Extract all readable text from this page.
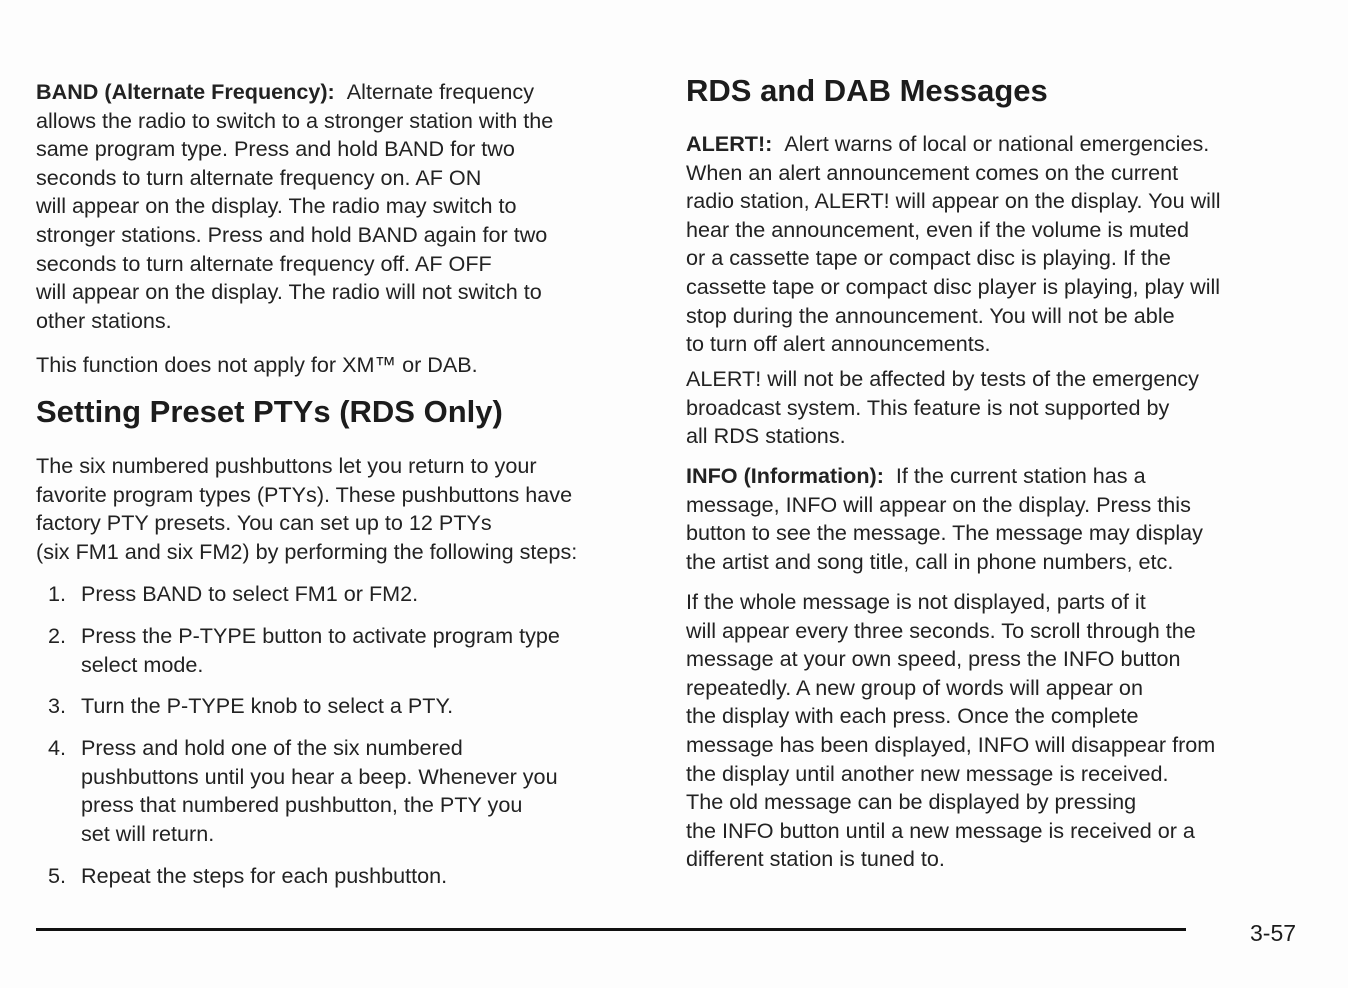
BAND (Alternate Frequency): Alternate frequency
allows the radio to switch to a stronger station with the
same program type. Press and hold BAND for two
seconds to turn alternate frequency on. AF ON
will appear on the display. The radio may switch to
stronger stations. Press and hold BAND again for two
seconds to turn alternate frequency off. AF OFF
will appear on the display. The radio will not switch to
other stations.

This function does not apply for XM™ or DAB.

Setting Preset PTYs (RDS Only)

The six numbered pushbuttons let you return to your
favorite program types (PTYs). These pushbuttons have
factory PTY presets. You can set up to 12 PTYs
(six FM1 and six FM2) by performing the following steps:

1. Press BAND to select FM1 or FM2.
2. Press the P-TYPE button to activate program type
select mode.
3. Turn the P-TYPE knob to select a PTY.
4. Press and hold one of the six numbered
pushbuttons until you hear a beep. Whenever you
press that numbered pushbutton, the PTY you
set will return.
5. Repeat the steps for each pushbutton.
RDS and DAB Messages

ALERT!: Alert warns of local or national emergencies.
When an alert announcement comes on the current
radio station, ALERT! will appear on the display. You will
hear the announcement, even if the volume is muted
or a cassette tape or compact disc is playing. If the
cassette tape or compact disc player is playing, play will
stop during the announcement. You will not be able
to turn off alert announcements.

ALERT! will not be affected by tests of the emergency
broadcast system. This feature is not supported by
all RDS stations.

INFO (Information): If the current station has a
message, INFO will appear on the display. Press this
button to see the message. The message may display
the artist and song title, call in phone numbers, etc.

If the whole message is not displayed, parts of it
will appear every three seconds. To scroll through the
message at your own speed, press the INFO button
repeatedly. A new group of words will appear on
the display with each press. Once the complete
message has been displayed, INFO will disappear from
the display until another new message is received.
The old message can be displayed by pressing
the INFO button until a new message is received or a
different station is tuned to.

3-57
